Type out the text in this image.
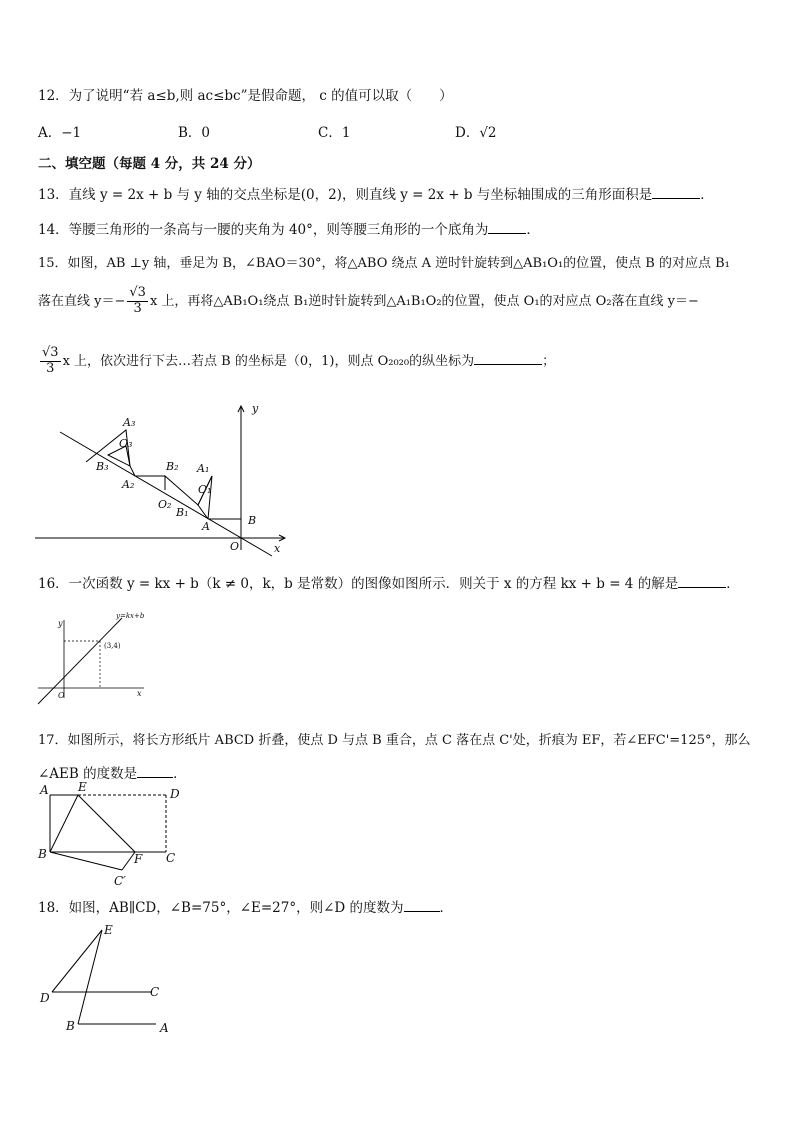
12．为了说明“若 a≤b,则 ac≤bc”是假命题， c 的值可以取（　　）
A．−1	B．0	C．1	D．√2
二、填空题（每题 4 分，共 24 分）
13．直线 y = 2x + b 与 y 轴的交点坐标是(0，2)，则直线 y = 2x + b 与坐标轴围成的三角形面积是	．
14．等腰三角形的一条高与一腰的夹角为 40°，则等腰三角形的一个底角为	．
15．如图，AB ⊥y 轴，垂足为 B，∠BAO＝30°，将△ABO 绕点 A 逆时针旋转到△AB₁O₁的位置，使点 B 的对应点 B₁
落在直线 $y=- \frac{√3}{3}$ x 上，再将△AB₁O₁绕点 B₁逆时针旋转到△A₁B₁O₂的位置，使点 O₁的对应点 O₂落在直线 y＝−
$\frac{√3}{3}$ x 上，依次进行下去…若点 B 的坐标是（0，1)，则点 O₂₀₂₀的纵坐标为	；
y
x
O
A	B
B₁
O₁
A₁
B₂
O₂
A₂
B₃
O₃
A₃
16．一次函数 y = kx + b（k ≠ 0，k，b 是常数）的图像如图所示．则关于 x 的方程 kx + b = 4 的解是	．
y=kx+b
(3,4)
y
x
O
17．如图所示，将长方形纸片 ABCD 折叠，使点 D 与点 B 重合，点 C 落在点 C'处，折痕为 EF，若∠EFC'=125°，那么
∠AEB 的度数是	．
A E	D
B	F C
C′
18．如图，AB∥CD，∠B=75°，∠E=27°，则∠D 的度数为	．
E
D	C
B	A
